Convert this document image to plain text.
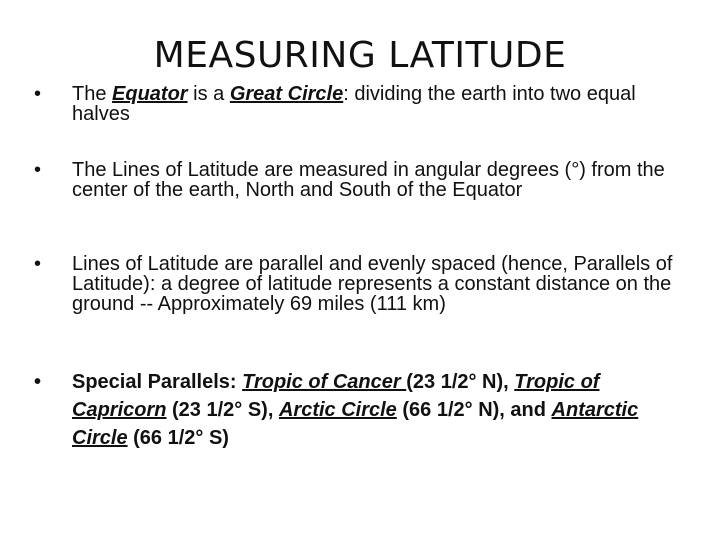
MEASURING LATITUDE
•	The Equator is a Great Circle: dividing the earth into two equal halves
•	The Lines of Latitude are measured in angular degrees (°) from the center of the earth, North and South of the Equator
•	Lines of Latitude are parallel and evenly spaced (hence, Parallels of Latitude): a degree of latitude represents a constant distance on the ground -- Approximately 69 miles (111 km)
•	Special Parallels: Tropic of Cancer (23 1/2° N), Tropic of Capricorn (23 1/2° S), Arctic Circle (66 1/2° N), and Antarctic Circle (66 1/2° S)
